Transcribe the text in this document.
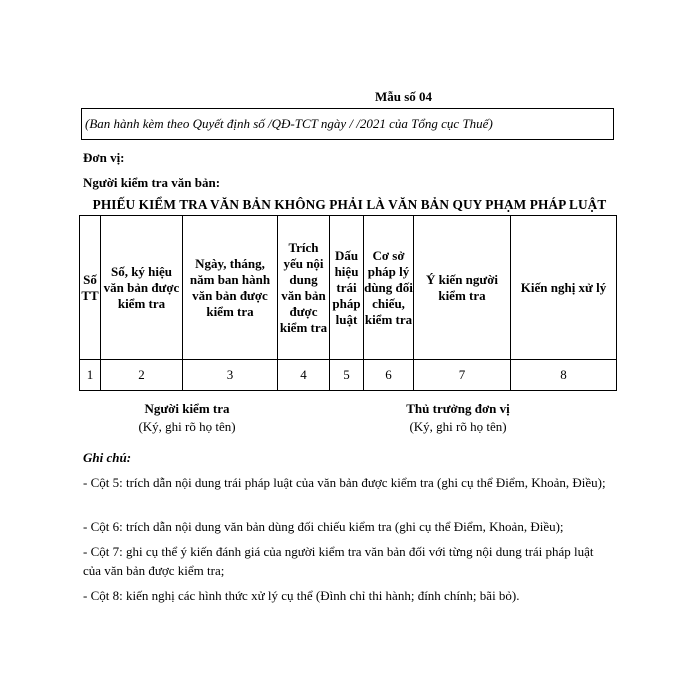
Mẫu số 04
(Ban hành kèm theo Quyết định số /QĐ-TCT ngày / /2021 của Tổng cục Thuế)
Đơn vị:
Người kiểm tra văn bản:
PHIẾU KIỂM TRA VĂN BẢN KHÔNG PHẢI LÀ VĂN BẢN QUY PHẠM PHÁP LUẬT
Số TT	Số, ký hiệu văn bản được kiểm tra	Ngày, tháng, năm ban hành văn bản được kiểm tra	Trích yếu nội dung văn bản được kiểm tra	Dấu hiệu trái pháp luật	Cơ sở pháp lý dùng đối chiếu, kiểm tra	Ý kiến người kiểm tra	Kiến nghị xử lý
1	2	3	4	5	6	7	8
Người kiểm tra
(Ký, ghi rõ họ tên)
Thủ trưởng đơn vị
(Ký, ghi rõ họ tên)
Ghi chú:
- Cột 5: trích dẫn nội dung trái pháp luật của văn bản được kiểm tra (ghi cụ thể Điểm, Khoản, Điều);
- Cột 6: trích dẫn nội dung văn bản dùng đối chiếu kiểm tra (ghi cụ thể Điểm, Khoản, Điều);
- Cột 7: ghi cụ thể ý kiến đánh giá của người kiểm tra văn bản đối với từng nội dung trái pháp luật của văn bản được kiểm tra;
- Cột 8: kiến nghị các hình thức xử lý cụ thể (Đình chỉ thi hành; đính chính; bãi bỏ).
